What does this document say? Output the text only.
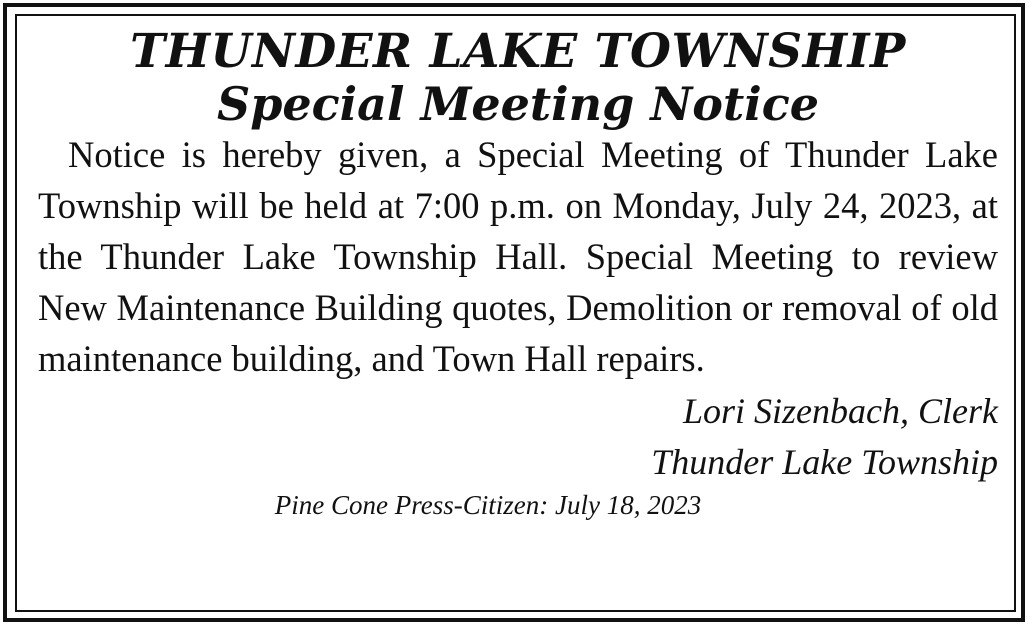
THUNDER LAKE TOWNSHIP
Special Meeting Notice

Notice is hereby given, a Special Meeting of Thunder Lake Township will be held at 7:00 p.m. on Monday, July 24, 2023, at the Thunder Lake Township Hall. Special Meeting to review New Maintenance Building quotes, Demolition or removal of old maintenance building, and Town Hall repairs.

Lori Sizenbach, Clerk

Thunder Lake Township

Pine Cone Press-Citizen: July 18, 2023
